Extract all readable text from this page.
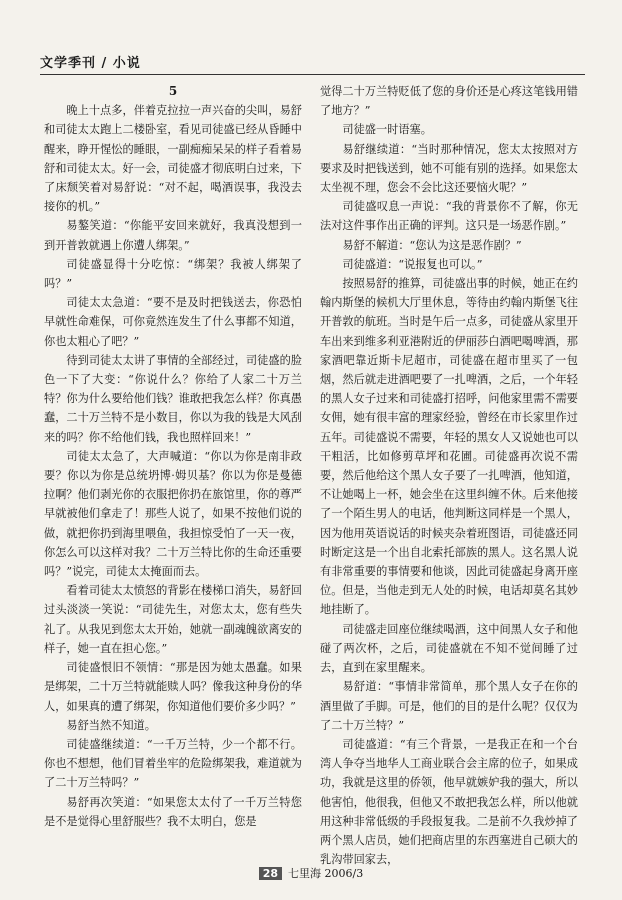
文学季刊 / 小说

5

晚上十点多，伴着克拉拉一声兴奋的尖叫，易舒和司徒太太跑上二楼卧室，看见司徒盛已经从昏睡中醒来，睁开惺忪的睡眼，一副痴痴呆呆的样子看着易舒和司徒太太。好一会，司徒盛才彻底明白过来，下了床颓笑着对易舒说：“对不起，喝酒误事，我没去接你的机。”

易鏊笑道：“你能平安回来就好，我真没想到一到开普敦就遇上你遭人绑架。”

司徒盛显得十分吃惊：“绑架？我被人绑架了吗？”

司徒太太急道：“要不是及时把钱送去，你恐怕早就性命难保，可你竟然连发生了什么事都不知道，你也太粗心了吧？”

待到司徒太太讲了事情的全部经过，司徒盛的脸色一下了大变：“你说什么？你给了人家二十万兰特？你为什么要给他们钱？谁敢把我怎么样？你真愚蠢，二十万兰特不是小数目，你以为我的钱是大风刮来的吗？你不给他们钱，我也照样回来！”

司徒太太急了，大声喊道：“你以为你是南非政要？你以为你是总统坍博·姆贝基？你以为你是曼德拉啊？他们剥光你的衣服把你扔在旅馆里，你的尊严早就被他们拿走了！那些人说了，如果不按他们说的做，就把你扔到海里喂鱼，我担惊受怕了一天一夜，你怎么可以这样对我？二十万兰特比你的生命还重要吗？”说完，司徒太太掩面而去。

看着司徒太太愤怒的背影在楼梯口消失，易舒回过头淡淡一笑说：“司徒先生，对您太太，您有些失礼了。从我见到您太太开始，她就一副魂魄欲离安的样子，她一直在担心您。”

司徒盛恨旧不领情：“那是因为她太愚蠢。如果是绑架，二十万兰特就能赎人吗？像我这种身份的华人，如果真的遭了绑架，你知道他们要价多少吗？”

易舒当然不知道。

司徒盛继续道：“一千万兰特，少一个都不行。你也不想想，他们冒着坐牢的危险绑架我，难道就为了二十万兰特吗？”

易舒再次笑道：“如果您太太付了一千万兰特您是不是觉得心里舒服些？我不太明白，您是

觉得二十万兰特贬低了您的身价还是心疼这笔钱用错了地方？”

司徒盛一时语塞。

易舒继续道：“当时那种情况，您太太按照对方要求及时把钱送到，她不可能有别的选择。如果您太太坐视不理，您会不会比这还要恼火呢？”

司徒盛叹息一声说：“我的背景你不了解，你无法对这件事作出正确的评判。这只是一场恶作剧。”

易舒不解道：“您认为这是恶作剧？”

司徒盛道：“说报复也可以。”

按照易舒的推算，司徒盛出事的时候，她正在约翰内斯堡的候机大厅里休息，等待由约翰内斯堡飞往开普敦的航班。当时是午后一点多，司徒盛从家里开车出来到维多利亚港附近的伊丽莎白酒吧喝啤酒，那家酒吧靠近斯卡尼超市，司徒盛在超市里买了一包烟，然后就走进酒吧要了一扎啤酒，之后，一个年轻的黑人女子过来和司徒盛打招呼，问他家里需不需要女佣，她有很丰富的理家经验，曾经在市长家里作过五年。司徒盛说不需要，年轻的黑女人又说她也可以干粗活，比如修剪草坪和花圃。司徒盛再次说不需要，然后他给这个黑人女子要了一扎啤酒，他知道，不让她喝上一杯，她会坐在这里纠缠不休。后来他接了一个陌生男人的电话，他判断这同样是一个黑人，因为他用英语说话的时候夹杂着班图语，司徒盛还同时断定这是一个出自北索托部族的黑人。这名黑人说有非常重要的事情要和他谈，因此司徒盛起身离开座位。但是，当他走到无人处的时候，电话却莫名其妙地挂断了。

司徒盛走回座位继续喝酒，这中间黑人女子和他碰了两次杯，之后，司徒盛就在不知不觉间睡了过去，直到在家里醒来。

易舒道：“事情非常简单，那个黑人女子在你的酒里做了手脚。可是，他们的目的是什么呢？仅仅为了二十万兰特？”

司徒盛道：“有三个背景，一是我正在和一个台湾人争夺当地华人工商业联合会主席的位子，如果成功，我就是这里的侨领，他早就嫉妒我的强大，所以他害怕，他很我，但他又不敢把我怎么样，所以他就用这种非常低级的手段报复我。二是前不久我炒掉了两个黑人店员，她们把商店里的东西塞进自己硕大的乳沟带回家去，

28 七里海 2006/3
